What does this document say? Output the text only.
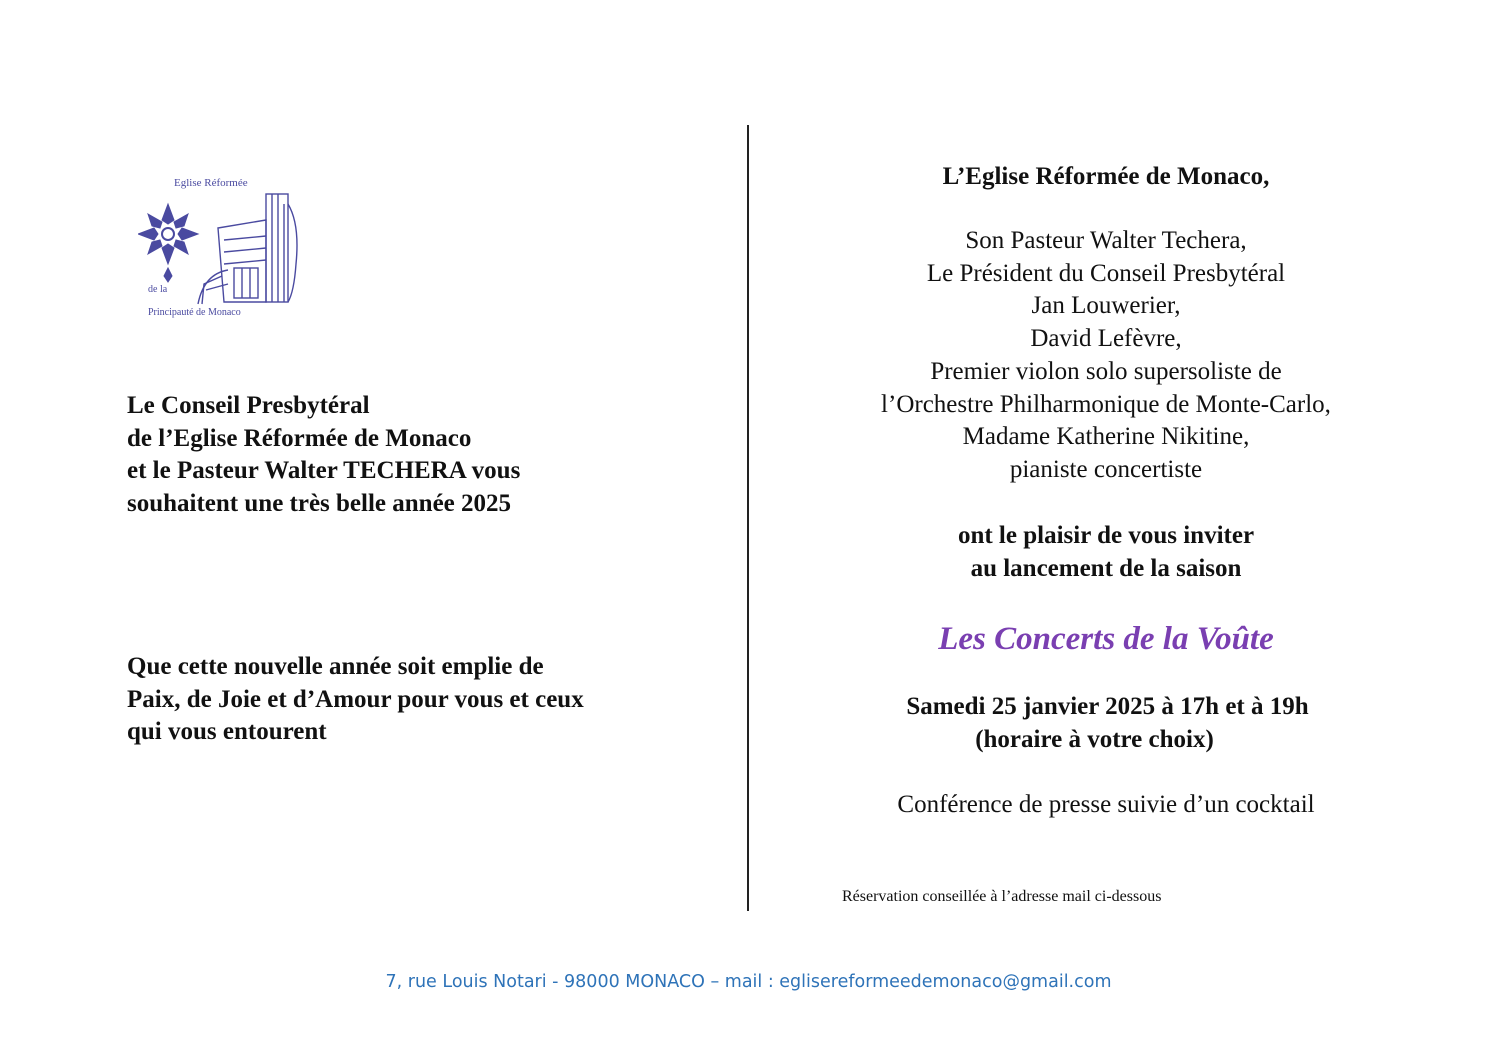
Eglise Réformée
de la
Principauté de Monaco
Le Conseil Presbytéral
de l’Eglise Réformée de Monaco
et le Pasteur Walter TECHERA vous
souhaitent une très belle année 2025
Que cette nouvelle année soit emplie de
Paix, de Joie et d’Amour pour vous et ceux
qui vous entourent
L’Eglise Réformée de Monaco,
Son Pasteur Walter Techera,
Le Président du Conseil Presbytéral
Jan Louwerier,
David Lefèvre,
Premier violon solo supersoliste de
l’Orchestre Philharmonique de Monte-Carlo,
Madame Katherine Nikitine,
pianiste concertiste
ont le plaisir de vous inviter
au lancement de la saison
Les Concerts de la Voûte
Samedi 25 janvier 2025 à 17h et à 19h
(horaire à votre choix)
Conférence de presse suivie d’un cocktail
Réservation conseillée à l’adresse mail ci-dessous
7, rue Louis Notari - 98000 MONACO – mail : eglisereformeedemonaco@gmail.com
